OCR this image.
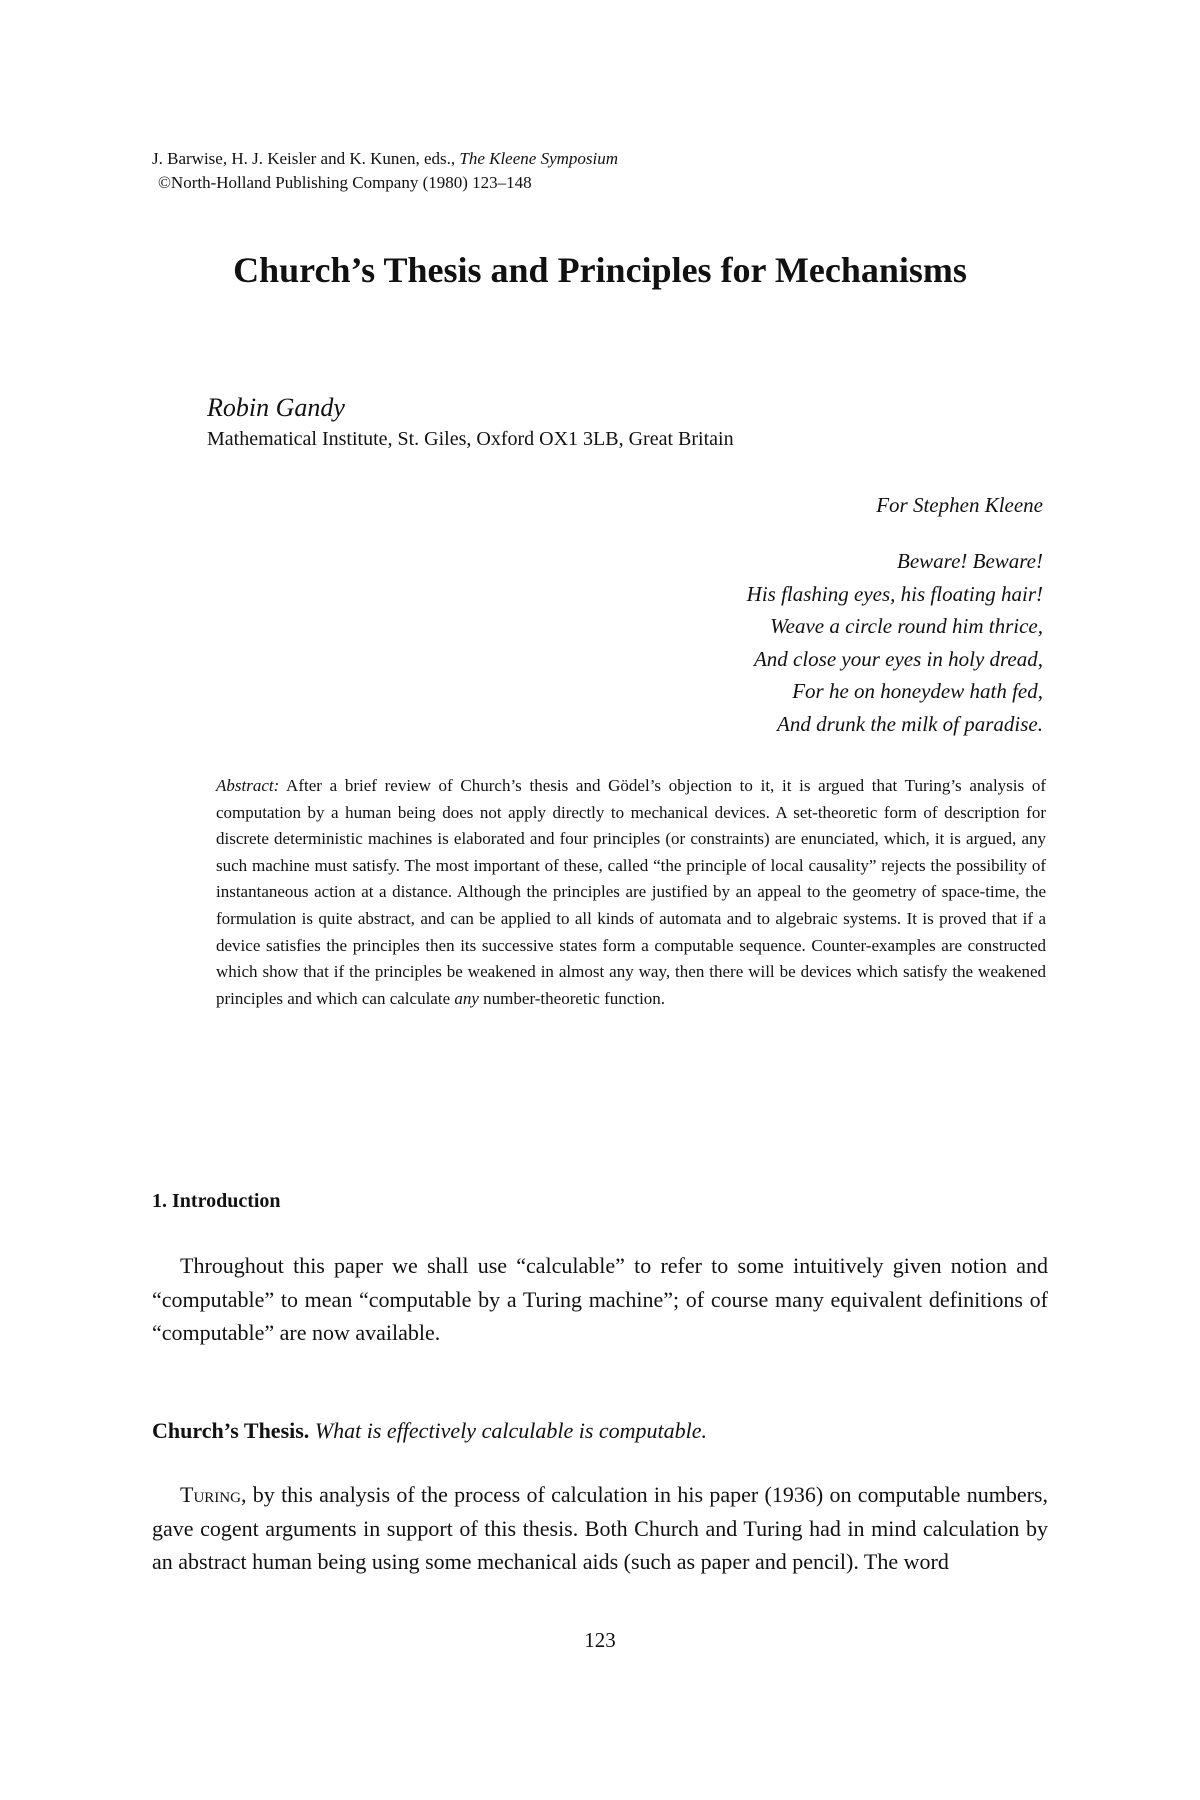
J. Barwise, H. J. Keisler and K. Kunen, eds., The Kleene Symposium
©North-Holland Publishing Company (1980) 123–148
Church’s Thesis and Principles for Mechanisms

Robin Gandy

Mathematical Institute, St. Giles, Oxford OX1 3LB, Great Britain

For Stephen Kleene

Beware! Beware!
His flashing eyes, his floating hair!
Weave a circle round him thrice,
And close your eyes in holy dread,
For he on honeydew hath fed,
And drunk the milk of paradise.

Abstract: After a brief review of Church’s thesis and Gödel’s objection to it, it is argued that Turing’s analysis of computation by a human being does not apply directly to mechanical devices. A set-theoretic form of description for discrete deterministic machines is elaborated and four principles (or constraints) are enunciated, which, it is argued, any such machine must satisfy. The most important of these, called “the principle of local causality” rejects the possibility of instantaneous action at a distance. Although the principles are justified by an appeal to the geometry of space-time, the formulation is quite abstract, and can be applied to all kinds of automata and to algebraic systems. It is proved that if a device satisfies the principles then its successive states form a computable sequence. Counter-examples are constructed which show that if the principles be weakened in almost any way, then there will be devices which satisfy the weakened principles and which can calculate any number-theoretic function.

1. Introduction

Throughout this paper we shall use “calculable” to refer to some intuitively given notion and “computable” to mean “computable by a Turing machine”; of course many equivalent definitions of “computable” are now available.

Church’s Thesis. What is effectively calculable is computable.

Turing, by this analysis of the process of calculation in his paper (1936) on computable numbers, gave cogent arguments in support of this thesis. Both Church and Turing had in mind calculation by an abstract human being using some mechanical aids (such as paper and pencil). The word

123
